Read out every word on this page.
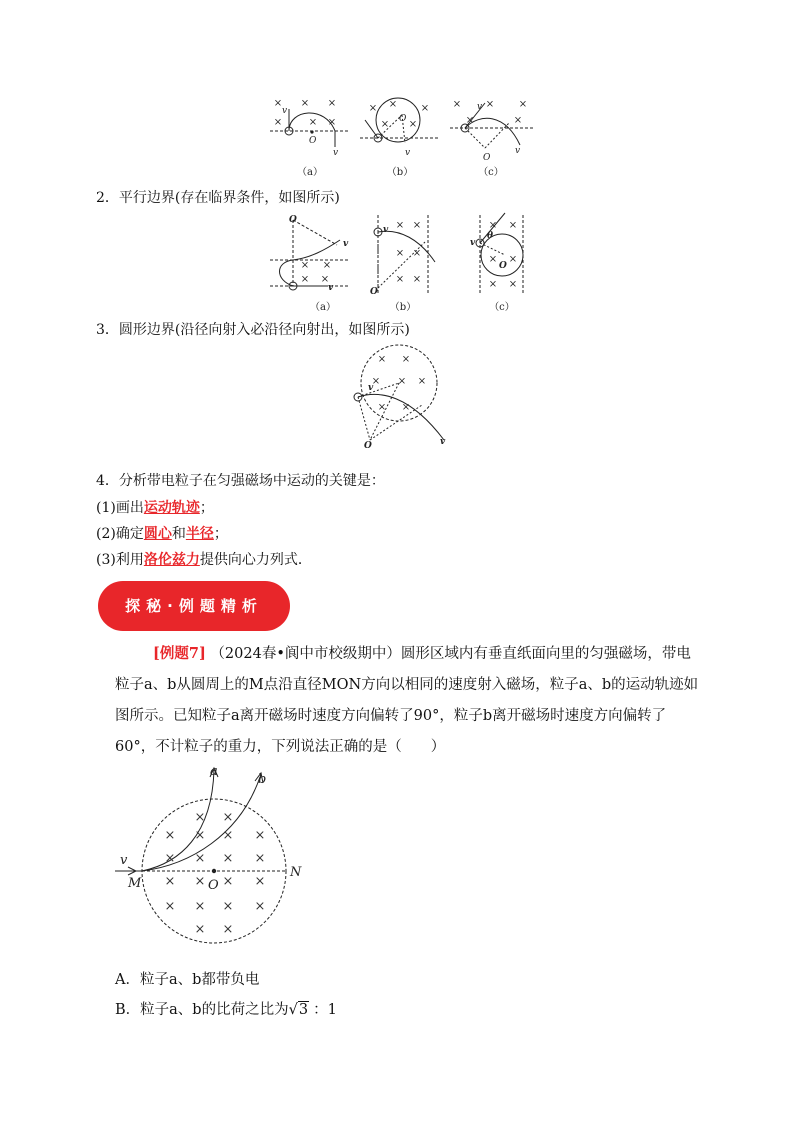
× × ×
×	× ×
× × ×
× ×
× × ×
×	×
v
v
O
O
v
v
O
v
（a）	（b）	（c）
2．平行边界(存在临界条件，如图所示)
× ×
×
×
× ×
× ×
× ×
× ×
× ×
× ×
O
v
v
v
O
v
θ
O
（a）	（b）	（c）
3．圆形边界(沿径向射入必沿径向射出，如图所示)
× ×
× × ×
× ×
v
v
O
4．分析带电粒子在匀强磁场中运动的关键是：
(1)画出运动轨迹；
(2)确定圆心和半径；
(3)利用洛伦兹力提供向心力列式．
探秘·例题精析
[例题7] （2024春•阆中市校级期中）圆形区域内有垂直纸面向里的匀强磁场，带电粒子a、b从圆周上的M点沿直径MON方向以相同的速度射入磁场，粒子a、b的运动轨迹如图所示。已知粒子a离开磁场时速度方向偏转了90°，粒子b离开磁场时速度方向偏转了60°，不计粒子的重力，下列说法正确的是（　　）
× ×
× × × ×
× × × ×
× × × ×
× × × ×
× ×
a
b
v
M	O
N
A．粒子a、b都带负电
B．粒子a、b的比荷之比为√3 ：1
